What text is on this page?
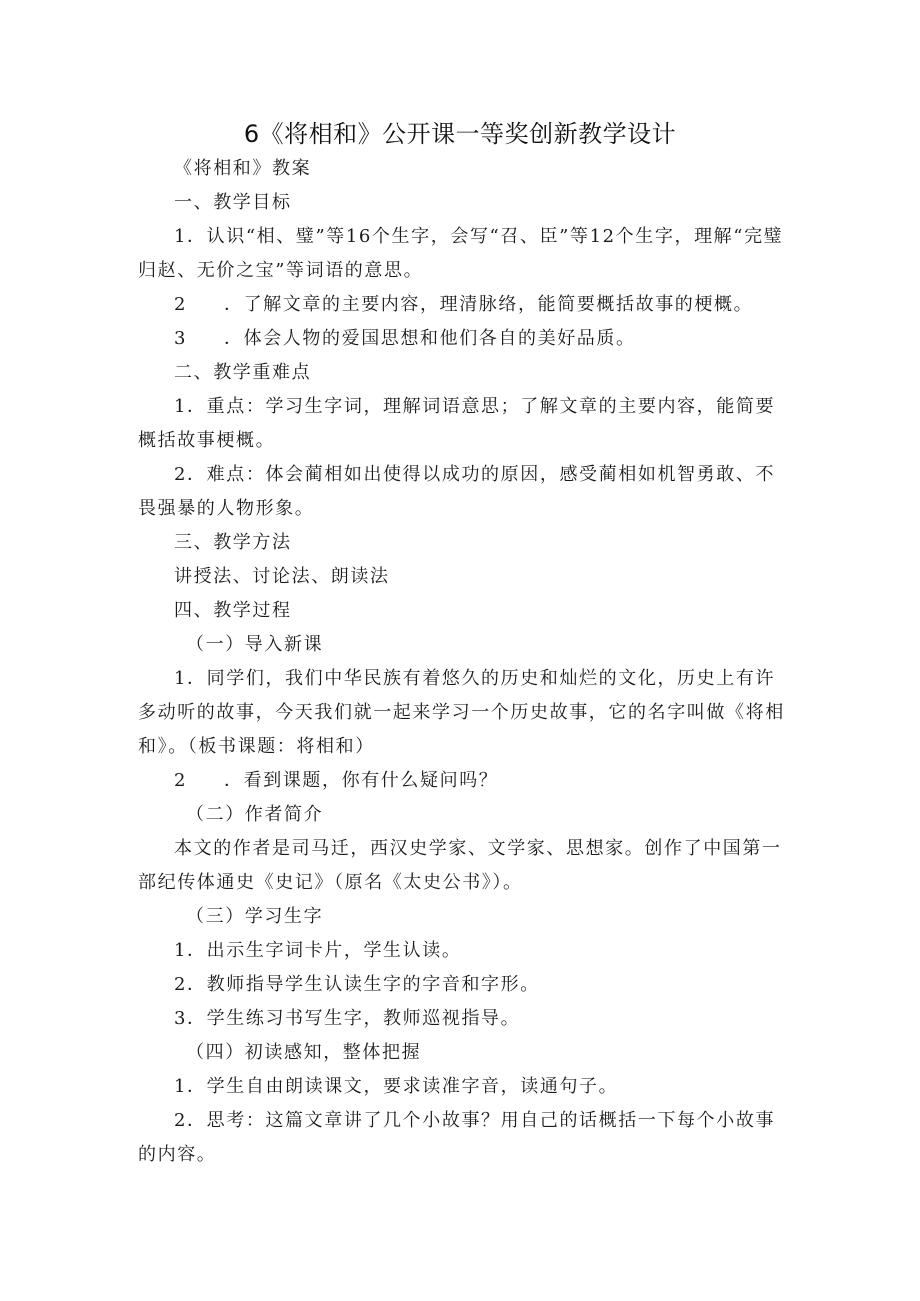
6《将相和》公开课一等奖创新教学设计

《将相和》教案

一、教学目标

1．认识“相、璧”等16个生字，会写“召、臣”等12个生字，理解“完璧归赵、无价之宝”等词语的意思。

2 ．了解文章的主要内容，理清脉络，能简要概括故事的梗概。

3 ．体会人物的爱国思想和他们各自的美好品质。

二、教学重难点

1．重点：学习生字词，理解词语意思；了解文章的主要内容，能简要概括故事梗概。

2．难点：体会蔺相如出使得以成功的原因，感受蔺相如机智勇敢、不畏强暴的人物形象。

三、教学方法

讲授法、讨论法、朗读法

四、教学过程

（一）导入新课

1．同学们，我们中华民族有着悠久的历史和灿烂的文化，历史上有许多动听的故事，今天我们就一起来学习一个历史故事，它的名字叫做《将相和》。（板书课题：将相和）

2 ．看到课题，你有什么疑问吗？

（二）作者简介

本文的作者是司马迁，西汉史学家、文学家、思想家。创作了中国第一部纪传体通史《史记》（原名《太史公书》）。

（三）学习生字

1．出示生字词卡片，学生认读。

2．教师指导学生认读生字的字音和字形。

3．学生练习书写生字，教师巡视指导。

（四）初读感知，整体把握

1．学生自由朗读课文，要求读准字音，读通句子。

2．思考：这篇文章讲了几个小故事？用自己的话概括一下每个小故事的内容。
